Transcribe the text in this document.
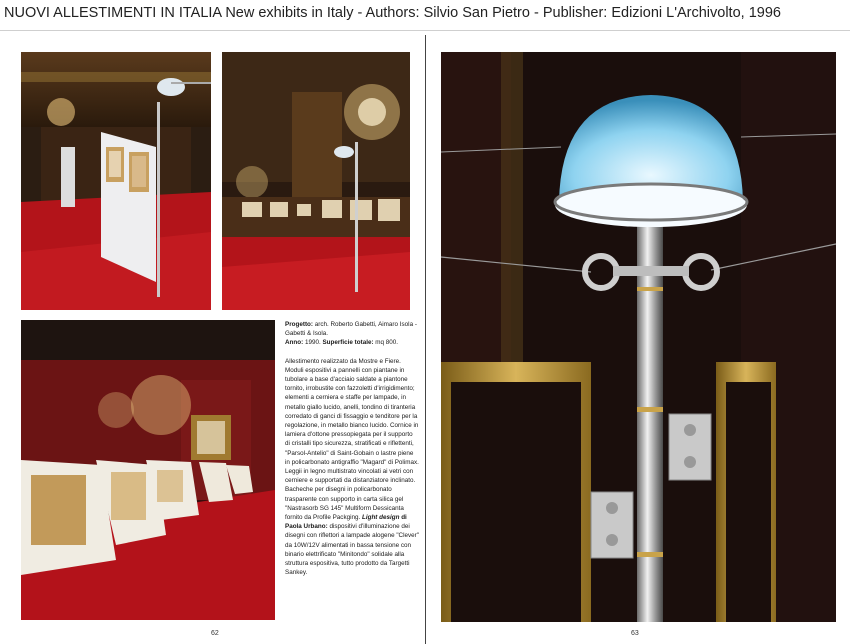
NUOVI ALLESTIMENTI IN ITALIA New exhibits in Italy - Authors: Silvio San Pietro - Publisher: Edizioni L'Archivolto, 1996

Progetto: arch. Roberto Gabetti, Aimaro Isola - Gabetti & Isola.

Anno: 1990. Superficie totale: mq 800.

Allestimento realizzato da Mostre e Fiere. Moduli espositivi a pannelli con piantane in tubolare a base d'acciaio saldate a piantone tornito, irrobustite con fazzoletti d'irrigidimento; elementi a cerniera e staffe per lampade, in metallo giallo lucido, anelli, tondino di tiranteria corredato di ganci di fissaggio e tenditore per la regolazione, in metallo bianco lucido. Cornice in lamiera d'ottone pressopiegata per il supporto di cristalli tipo sicurezza, stratificati e riflettenti, "Parsol-Antelio" di Saint-Gobain o lastre piene in policarbonato antigraffio "Magard" di Polimax. Leggii in legno multistrato vincolati ai vetri con cerniere e supportati da distanziatore inclinato. Bacheche per disegni in policarbonato trasparente con supporto in carta silica gel "Nastrasorb SG 145" Multiform Dessicanta fornito da Profile Packging. Light design di Paola Urbano: dispositivi d'illuminazione dei disegni con riflettori a lampade alogene "Clever" da 10W/12V alimentati in bassa tensione con binario elettrificato "Minitondo" solidale alla struttura espositiva, tutto prodotto da Targetti Sankey.

62	63
